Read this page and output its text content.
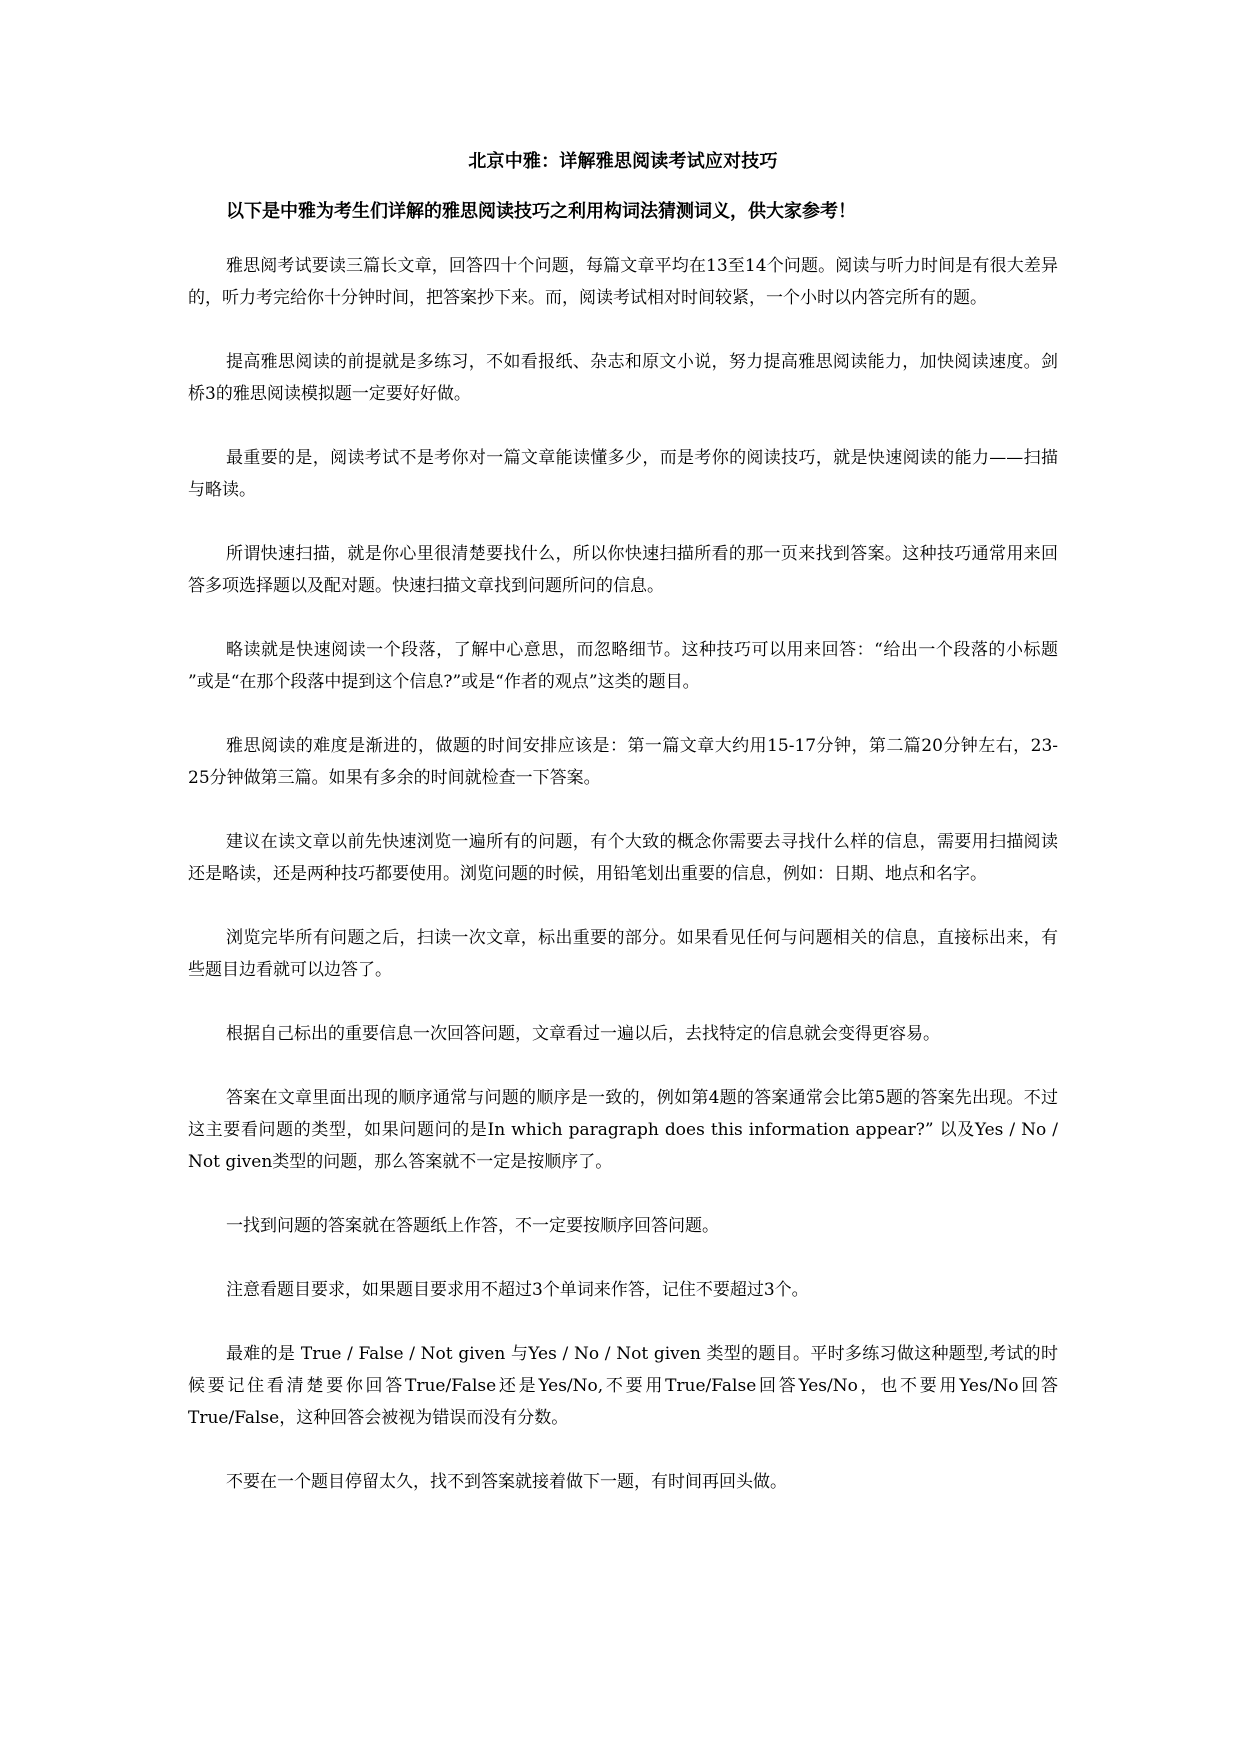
北京中雅：详解雅思阅读考试应对技巧
以下是中雅为考生们详解的雅思阅读技巧之利用构词法猜测词义，供大家参考！

雅思阅考试要读三篇长文章，回答四十个问题，每篇文章平均在13至14个问题。阅读与听力时间是有很大差异的，听力考完给你十分钟时间，把答案抄下来。而，阅读考试相对时间较紧，一个小时以内答完所有的题。

提高雅思阅读的前提就是多练习，不如看报纸、杂志和原文小说，努力提高雅思阅读能力，加快阅读速度。剑桥3的雅思阅读模拟题一定要好好做。

最重要的是，阅读考试不是考你对一篇文章能读懂多少，而是考你的阅读技巧，就是快速阅读的能力——扫描与略读。

所谓快速扫描，就是你心里很清楚要找什么，所以你快速扫描所看的那一页来找到答案。这种技巧通常用来回答多项选择题以及配对题。快速扫描文章找到问题所问的信息。

略读就是快速阅读一个段落，了解中心意思，而忽略细节。这种技巧可以用来回答：“给出一个段落的小标题 ”或是“在那个段落中提到这个信息?”或是“作者的观点”这类的题目。

雅思阅读的难度是渐进的，做题的时间安排应该是：第一篇文章大约用15-17分钟，第二篇20分钟左右，23-25分钟做第三篇。如果有多余的时间就检查一下答案。

建议在读文章以前先快速浏览一遍所有的问题，有个大致的概念你需要去寻找什么样的信息，需要用扫描阅读还是略读，还是两种技巧都要使用。浏览问题的时候，用铅笔划出重要的信息，例如：日期、地点和名字。

浏览完毕所有问题之后，扫读一次文章，标出重要的部分。如果看见任何与问题相关的信息，直接标出来，有些题目边看就可以边答了。

根据自己标出的重要信息一次回答问题，文章看过一遍以后，去找特定的信息就会变得更容易。

答案在文章里面出现的顺序通常与问题的顺序是一致的，例如第4题的答案通常会比第5题的答案先出现。不过这主要看问题的类型，如果问题问的是In which paragraph does this information appear?” 以及Yes / No / Not given类型的问题，那么答案就不一定是按顺序了。

一找到问题的答案就在答题纸上作答，不一定要按顺序回答问题。

注意看题目要求，如果题目要求用不超过3个单词来作答，记住不要超过3个。

最难的是 True / False / Not given 与Yes / No / Not given 类型的题目。平时多练习做这种题型,考试的时候要记住看清楚要你回答True/False还是Yes/No,不要用True/False回答Yes/No，也不要用Yes/No回答True/False，这种回答会被视为错误而没有分数。

不要在一个题目停留太久，找不到答案就接着做下一题，有时间再回头做。
